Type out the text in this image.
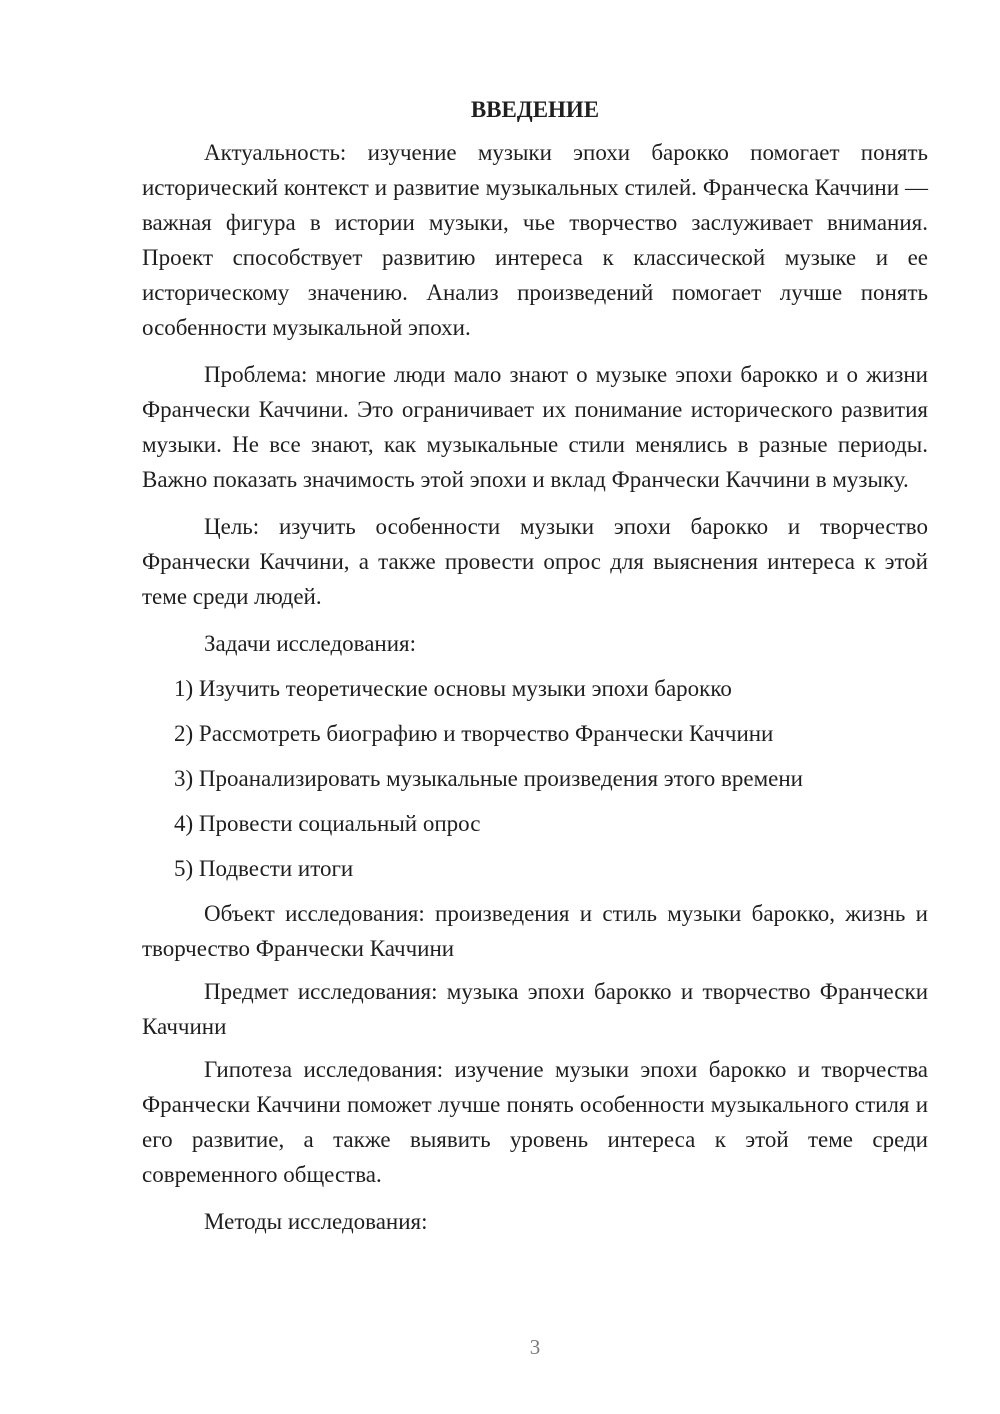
ВВЕДЕНИЕ

Актуальность: изучение музыки эпохи барокко помогает понять исторический контекст и развитие музыкальных стилей. Франческа Каччини — важная фигура в истории музыки, чье творчество заслуживает внимания. Проект способствует развитию интереса к классической музыке и ее историческому значению. Анализ произведений помогает лучше понять особенности музыкальной эпохи.

Проблема: многие люди мало знают о музыке эпохи барокко и о жизни Франчески Каччини. Это ограничивает их понимание исторического развития музыки. Не все знают, как музыкальные стили менялись в разные периоды. Важно показать значимость этой эпохи и вклад Франчески Каччини в музыку.

Цель: изучить особенности музыки эпохи барокко и творчество Франчески Каччини, а также провести опрос для выяснения интереса к этой теме среди людей.

Задачи исследования:

1) Изучить теоретические основы музыки эпохи барокко
2) Рассмотреть биографию и творчество Франчески Каччини
3) Проанализировать музыкальные произведения этого времени
4) Провести социальный опрос
5) Подвести итоги

Объект исследования: произведения и стиль музыки барокко, жизнь и творчество Франчески Каччини

Предмет исследования: музыка эпохи барокко и творчество Франчески Каччини

Гипотеза исследования: изучение музыки эпохи барокко и творчества Франчески Каччини поможет лучше понять особенности музыкального стиля и его развитие, а также выявить уровень интереса к этой теме среди современного общества.

Методы исследования:

3
